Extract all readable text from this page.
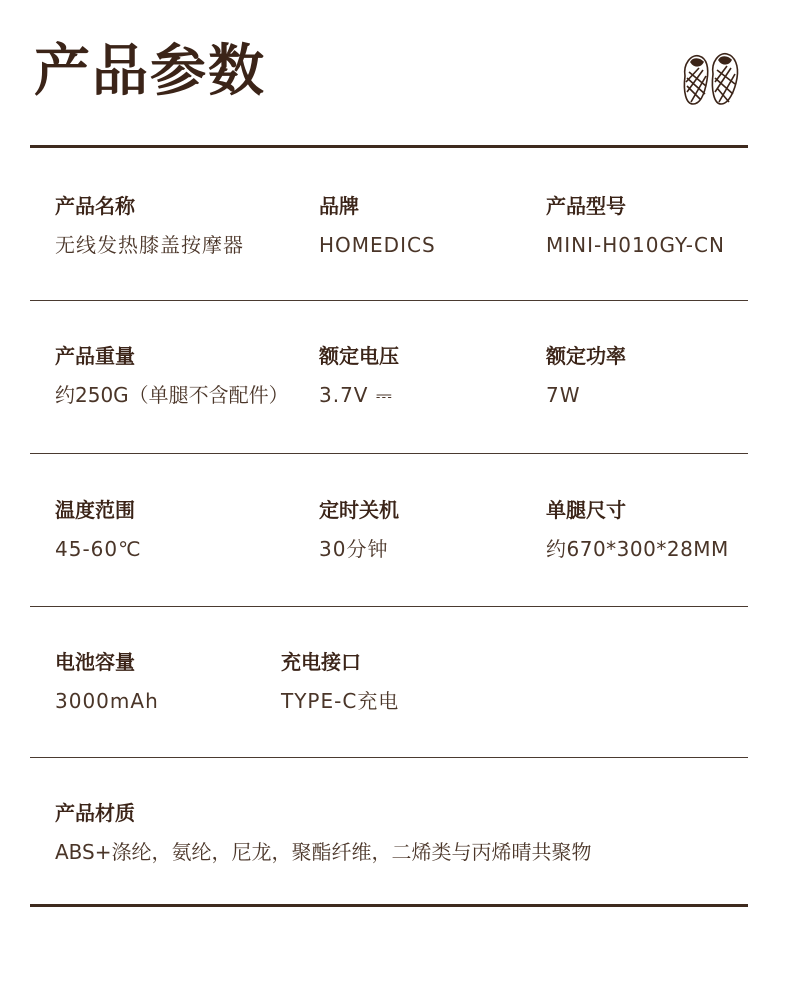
产品参数
产品名称
无线发热膝盖按摩器
品牌
HOMEDICS
产品型号
MINI-H010GY-CN
产品重量
约250G（单腿不含配件）
额定电压
3.7V ⎓
额定功率
7W
温度范围
45-60℃
定时关机
30分钟
单腿尺寸
约670*300*28MM
电池容量
3000mAh
充电接口
TYPE-C充电
产品材质
ABS+涤纶，氨纶，尼龙，聚酯纤维，二烯类与丙烯晴共聚物
